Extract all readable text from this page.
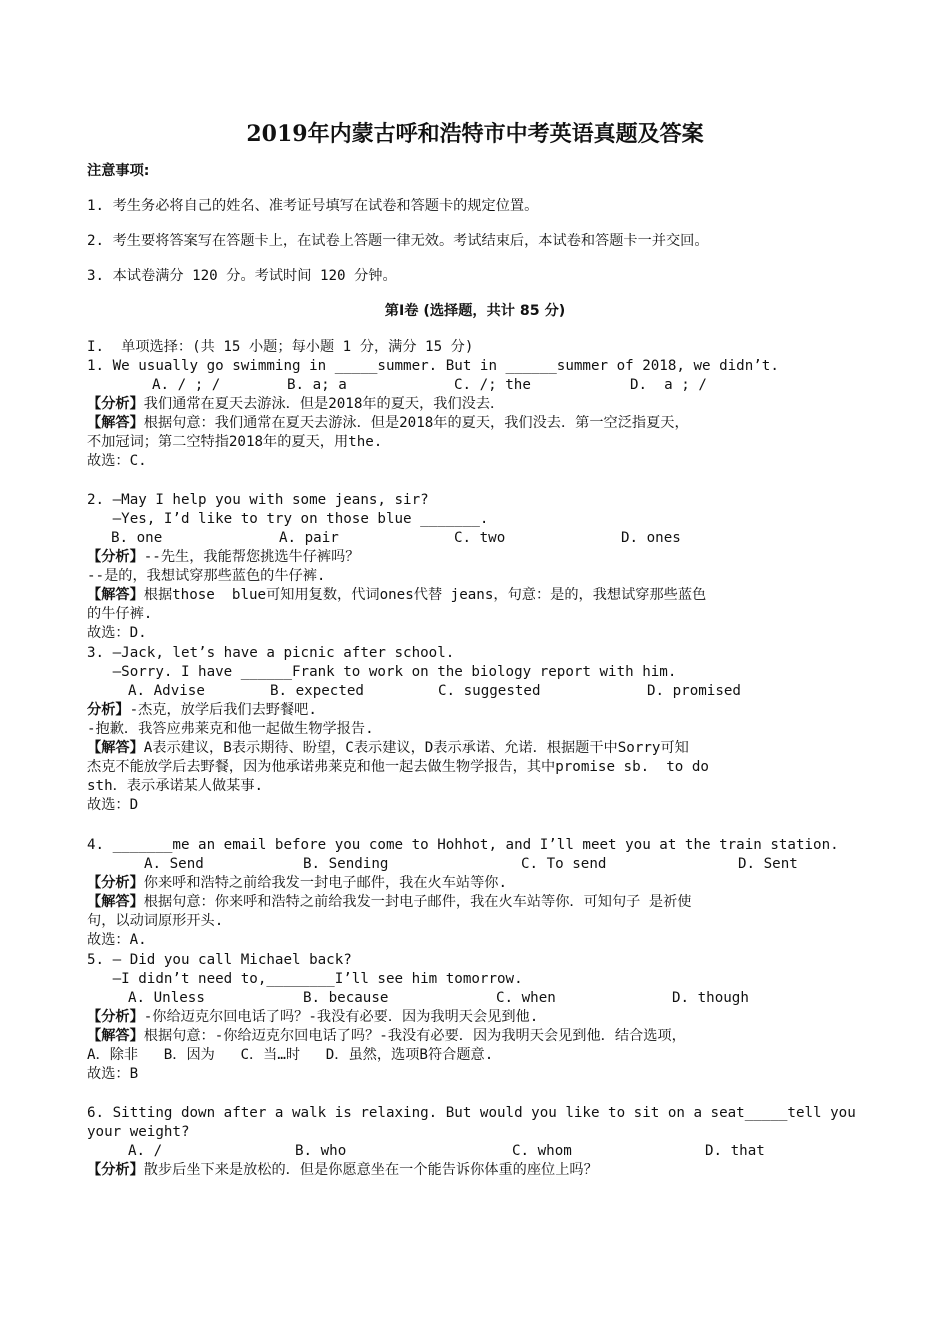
2019年内蒙古呼和浩特市中考英语真题及答案
注意事项:
1. 考生务必将自己的姓名、准考证号填写在试卷和答题卡的规定位置。
2. 考生要将答案写在答题卡上，在试卷上答题一律无效。考试结束后，本试卷和答题卡一并交回。
3. 本试卷满分 120 分。考试时间 120 分钟。
第Ⅰ卷 (选择题，共计 85 分)
I.  单项选择：(共 15 小题；每小题 1 分，满分 15 分)
1. We usually go swimming in _____summer. But in ______summer of 2018, we didn’t.
A. / ; /	B. a; a	C. /; the	D.  a ; /
【分析】我们通常在夏天去游泳．但是2018年的夏天，我们没去．
【解答】根据句意：我们通常在夏天去游泳．但是2018年的夏天，我们没去．第一空泛指夏天，
不加冠词；第二空特指2018年的夏天，用the.
故选：C.
2. —May I help you with some jeans, sir?
—Yes, I’d like to try on those blue _______.
B. one	A. pair	C. two	D. ones
【分析】--先生，我能帮您挑选牛仔裤吗？
--是的，我想试穿那些蓝色的牛仔裤.
【解答】根据those  blue可知用复数，代词ones代替 jeans，句意：是的，我想试穿那些蓝色
的牛仔裤.
故选：D.
3. —Jack, let’s have a picnic after school.
—Sorry. I have ______Frank to work on the biology report with him.
A. Advise	B. expected	C. suggested	D. promised
分析】-杰克，放学后我们去野餐吧.
-抱歉．我答应弗莱克和他一起做生物学报告.
【解答】A表示建议，B表示期待、盼望，C表示建议，D表示承诺、允诺．根据题干中Sorry可知
杰克不能放学后去野餐，因为他承诺弗莱克和他一起去做生物学报告，其中promise sb.  to do
sth．表示承诺某人做某事.
故选：D
4. _______me an email before you come to Hohhot, and I’ll meet you at the train station.
A. Send	B. Sending	C. To send	D. Sent
【分析】你来呼和浩特之前给我发一封电子邮件，我在火车站等你.
【解答】根据句意：你来呼和浩特之前给我发一封电子邮件，我在火车站等你．可知句子 是祈使
句，以动词原形开头.
故选：A.
5. — Did you call Michael back?
—I didn’t need to,________I’ll see him tomorrow.
A. Unless	B. because	C. when	D. though
【分析】-你给迈克尔回电话了吗？-我没有必要．因为我明天会见到他.
【解答】根据句意：-你给迈克尔回电话了吗？-我没有必要．因为我明天会见到他．结合选项，
A．除非   B．因为   C．当…时   D．虽然，选项B符合题意.
故选：B
6. Sitting down after a walk is relaxing. But would you like to sit on a seat_____tell you
your weight?
A. /	B. who	C. whom	D. that
【分析】散步后坐下来是放松的．但是你愿意坐在一个能告诉你体重的座位上吗？
